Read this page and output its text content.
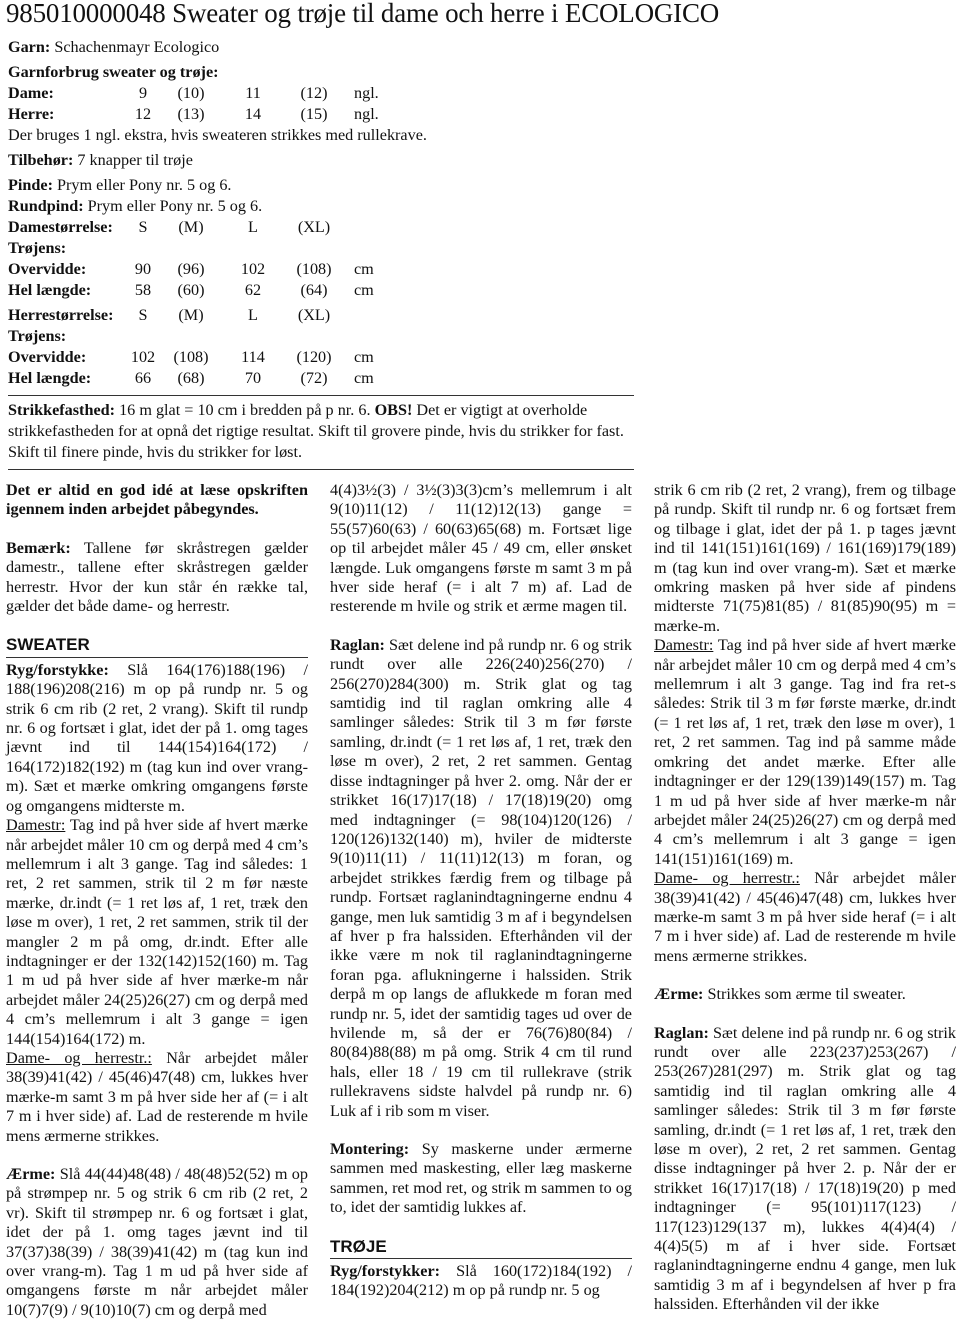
985010000048 Sweater og trøje til dame och herre i ECOLOGICO
Garn: Schachenmayr Ecologico
Garnforbrug sweater og trøje:
Dame:	9	(10)	11	(12)	ngl.
Herre:	12	(13)	14	(15)	ngl.
Der bruges 1 ngl. ekstra, hvis sweateren strikkes med rullekrave.
Tilbehør: 7 knapper til trøje
Pinde: Prym eller Pony nr. 5 og 6.
Rundpind: Prym eller Pony nr. 5 og 6.
Damestørrelse:	S	(M)	L	(XL)
Trøjens:
Overvidde:	90	(96)	102	(108)	cm
Hel længde:	58	(60)	62	(64)	cm
Herrestørrelse:	S	(M)	L	(XL)
Trøjens:
Overvidde:	102	(108)	114	(120)	cm
Hel længde:	66	(68)	70	(72)	cm
Strikkefasthed: 16 m glat = 10 cm i bredden på p nr. 6. OBS! Det er vigtigt at overholde strikkefastheden for at opnå det rigtige resultat. Skift til grovere pinde, hvis du strikker for fast. Skift til finere pinde, hvis du strikker for løst.

Det er altid en god idé at læse opskriften igennem inden arbejdet påbegyndes.

Bemærk: Tallene før skråstregen gælder damestr., tallene efter skråstregen gælder herrestr. Hvor der kun står én række tal, gælder det både dame- og herrestr.

SWEATER

Ryg/forstykke: Slå 164(176)188(196) / 188(196)208(216) m op på rundp nr. 5 og strik 6 cm rib (2 ret, 2 vrang). Skift til rundp nr. 6 og fortsæt i glat, idet der på 1. omg tages jævnt ind til 144(154)164(172) / 164(172)182(192) m (tag kun ind over vrang-m). Sæt et mærke omkring omgangens første og omgangens midterste m.

Damestr: Tag ind på hver side af hvert mærke når arbejdet måler 10 cm og derpå med 4 cm’s mellemrum i alt 3 gange. Tag ind således: 1 ret, 2 ret sammen, strik til 2 m før næste mærke, dr.indt (= 1 ret løs af, 1 ret, træk den løse m over), 1 ret, 2 ret sammen, strik til der mangler 2 m på omg, dr.indt. Efter alle indtagninger er der 132(142)152(160) m. Tag 1 m ud på hver side af hver mærke-m når arbejdet måler 24(25)26(27) cm og derpå med 4 cm’s mellemrum i alt 3 gange = igen 144(154)164(172) m.

Dame- og herrestr.: Når arbejdet måler 38(39)41(42) / 45(46)47(48) cm, lukkes hver mærke-m samt 3 m på hver side her af (= i alt 7 m i hver side) af. Lad de resterende m hvile mens ærmerne strikkes.

Ærme: Slå 44(44)48(48) / 48(48)52(52) m op på strømpep nr. 5 og strik 6 cm rib (2 ret, 2 vr). Skift til strømpep nr. 6 og fortsæt i glat, idet der på 1. omg tages jævnt ind til 37(37)38(39) / 38(39)41(42) m (tag kun ind over vrang-m). Tag 1 m ud på hver side af omgangens første m når arbejdet måler 10(7)7(9) / 9(10)10(7) cm og derpå med

4(4)3½(3) / 3½(3)3(3)cm’s mellemrum i alt 9(10)11(12) / 11(12)12(13) gange = 55(57)60(63) / 60(63)65(68) m. Fortsæt lige op til arbejdet måler 45 / 49 cm, eller ønsket længde. Luk omgangens første m samt 3 m på hver side heraf (= i alt 7 m) af. Lad de resterende m hvile og strik et ærme magen til.

Raglan: Sæt delene ind på rundp nr. 6 og strik rundt over alle 226(240)256(270) / 256(270)284(300) m. Strik glat og tag samtidig ind til raglan omkring alle 4 samlinger således: Strik til 3 m før første samling, dr.indt (= 1 ret løs af, 1 ret, træk den løse m over), 2 ret, 2 ret sammen. Gentag disse indtagninger på hver 2. omg. Når der er strikket 16(17)17(18) / 17(18)19(20) omg med indtagninger (= 98(104)120(126) / 120(126)132(140) m), hviler de midterste 9(10)11(11) / 11(11)12(13) m foran, og arbejdet strikkes færdig frem og tilbage på rundp. Fortsæt raglanindtagningerne endnu 4 gange, men luk samtidig 3 m af i begyndelsen af hver p fra halssiden. Efterhånden vil der ikke være m nok til raglanindtagningerne foran pga. aflukningerne i halssiden. Strik derpå m op langs de aflukkede m foran med rundp nr. 5, idet der samtidig tages ud over de hvilende m, så der er 76(76)80(84) / 80(84)88(88) m på omg. Strik 4 cm til rund hals, eller 18 / 19 cm til rullekrave (strik rullekravens sidste halvdel på rundp nr. 6) Luk af i rib som m viser.

Montering: Sy maskerne under ærmerne sammen med maskesting, eller læg maskerne sammen, ret mod ret, og strik m sammen to og to, idet der samtidig lukkes af.

TRØJE

Ryg/forstykker: Slå 160(172)184(192) / 184(192)204(212) m op på rundp nr. 5 og

strik 6 cm rib (2 ret, 2 vrang), frem og tilbage på rundp. Skift til rundp nr. 6 og fortsæt frem og tilbage i glat, idet der på 1. p tages jævnt ind til 141(151)161(169) / 161(169)179(189) m (tag kun ind over vrang-m). Sæt et mærke omkring masken på hver side af pindens midterste 71(75)81(85) / 81(85)90(95) m = mærke-m.

Damestr: Tag ind på hver side af hvert mærke når arbejdet måler 10 cm og derpå med 4 cm’s mellemrum i alt 3 gange. Tag ind fra ret-s således: Strik til 3 m før første mærke, dr.indt (= 1 ret løs af, 1 ret, træk den løse m over), 1 ret, 2 ret sammen. Tag ind på samme måde omkring det andet mærke. Efter alle indtagninger er der 129(139)149(157) m. Tag 1 m ud på hver side af hver mærke-m når arbejdet måler 24(25)26(27) cm og derpå med 4 cm’s mellemrum i alt 3 gange = igen 141(151)161(169) m.

Dame- og herrestr.: Når arbejdet måler 38(39)41(42) / 45(46)47(48) cm, lukkes hver mærke-m samt 3 m på hver side heraf (= i alt 7 m i hver side) af. Lad de resterende m hvile mens ærmerne strikkes.

Ærme: Strikkes som ærme til sweater.

Raglan: Sæt delene ind på rundp nr. 6 og strik rundt over alle 223(237)253(267) / 253(267)281(297) m. Strik glat og tag samtidig ind til raglan omkring alle 4 samlinger således: Strik til 3 m før første samling, dr.indt (= 1 ret løs af, 1 ret, træk den løse m over), 2 ret, 2 ret sammen. Gentag disse indtagninger på hver 2. p. Når der er strikket 16(17)17(18) / 17(18)19(20) p med indtagninger (= 95(101)117(123) / 117(123)129(137 m), lukkes 4(4)4(4) / 4(4)5(5) m af i hver side. Fortsæt raglanindtagningerne endnu 4 gange, men luk samtidig 3 m af i begyndelsen af hver p fra halssiden. Efterhånden vil der ikke
